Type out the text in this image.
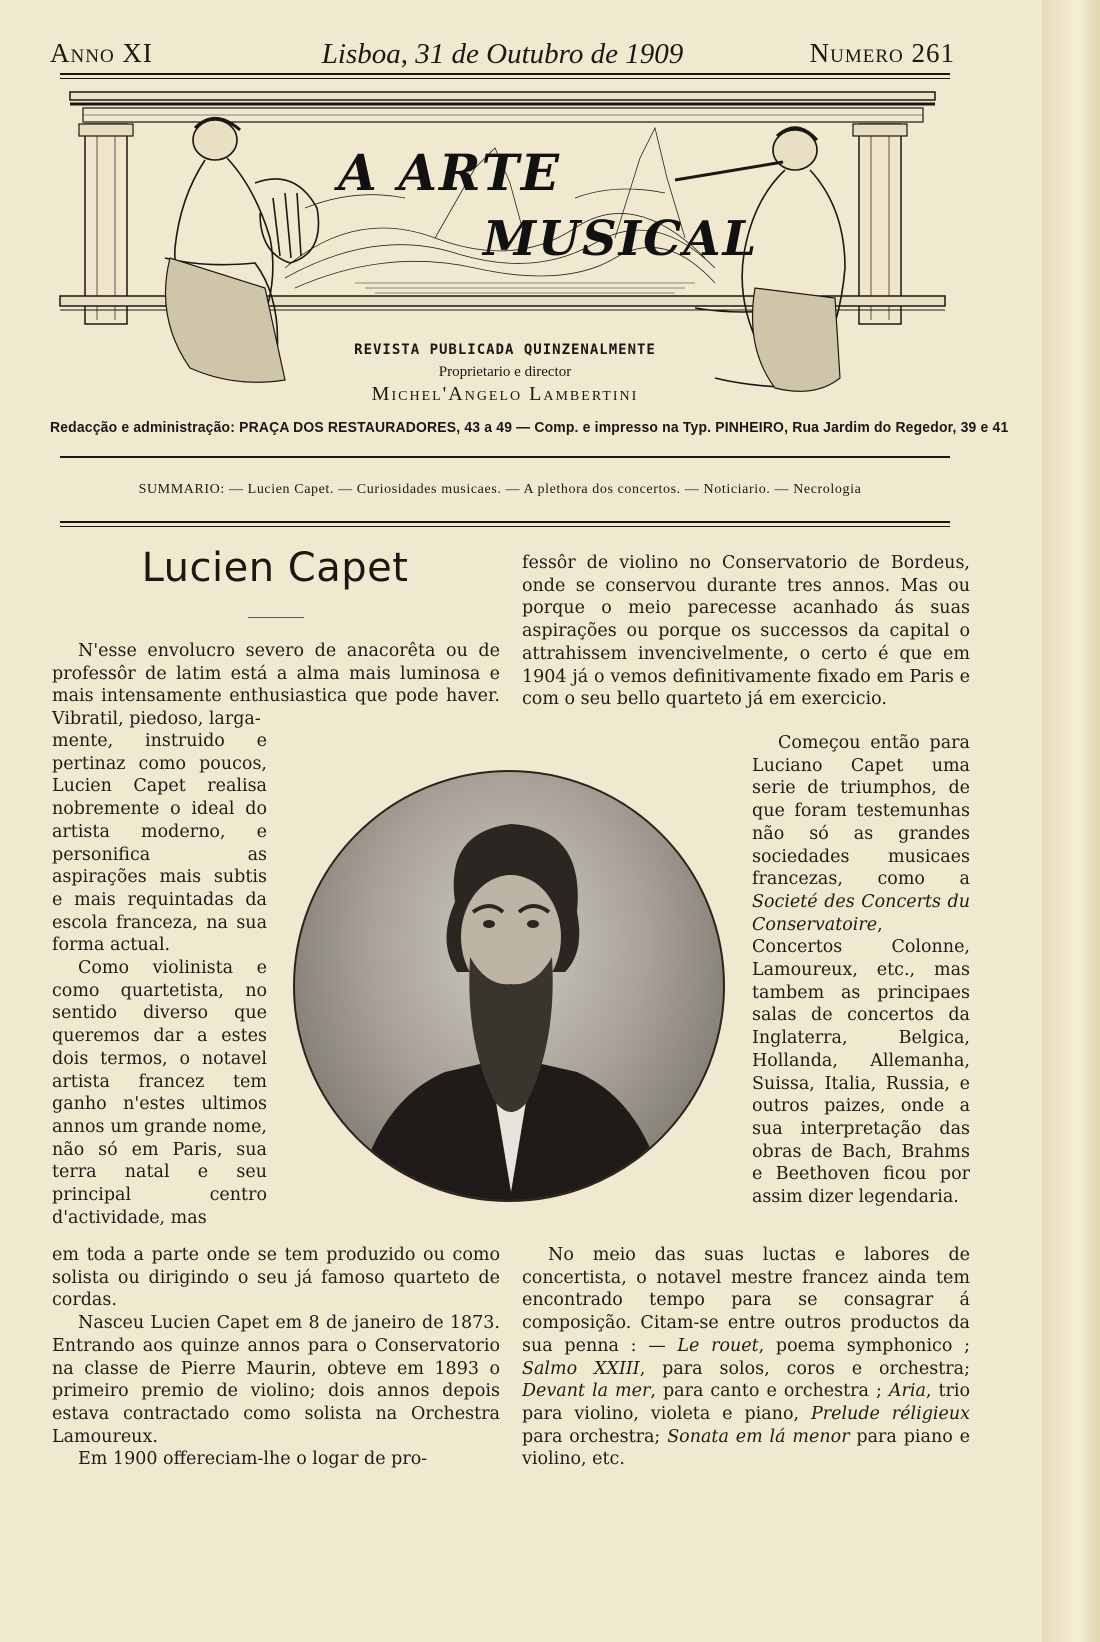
Anno XI	Lisboa, 31 de Outubro de 1909	Numero 261
A ARTE
MUSICAL
REVISTA PUBLICADA QUINZENALMENTE
Proprietario e director
Michel'Angelo Lambertini
Redacção e administração: PRAÇA DOS RESTAURADORES, 43 a 49 — Comp. e impresso na Typ. PINHEIRO, Rua Jardim do Regedor, 39 e 41
SUMMARIO: — Lucien Capet. — Curiosidades musicaes. — A plethora dos concertos. — Noticiario. — Necrologia
Lucien Capet

N'esse envolucro severo de anacorêta ou de professôr de latim está a alma mais luminosa e mais intensamente enthusiastica que pode haver. Vibratil, piedoso, larga-

mente, instruido e pertinaz como poucos, Lucien Capet realisa nobremente o ideal do artista moderno, e personifica as aspirações mais subtis e mais requintadas da escola franceza, na sua forma actual.

Como violinista e como quartetista, no sentido diverso que queremos dar a estes dois termos, o notavel artista francez tem ganho n'estes ultimos annos um grande nome, não só em Paris, sua terra natal e seu principal centro d'actividade, mas

em toda a parte onde se tem produzido ou como solista ou dirigindo o seu já famoso quarteto de cordas.

Nasceu Lucien Capet em 8 de janeiro de 1873. Entrando aos quinze annos para o Conservatorio na classe de Pierre Maurin, obteve em 1893 o primeiro premio de violino; dois annos depois estava contractado como solista na Orchestra Lamoureux.

Em 1900 offereciam-lhe o logar de pro-

fessôr de violino no Conservatorio de Bordeus, onde se conservou durante tres annos. Mas ou porque o meio parecesse acanhado ás suas aspirações ou porque os successos da capital o attrahissem invencivelmente, o certo é que em 1904 já o vemos definitivamente fixado em Paris e com o seu bello quarteto já em exercicio.

Começou então para Luciano Capet uma serie de triumphos, de que foram testemunhas não só as grandes sociedades musicaes francezas, como a Societé des Concerts du Conservatoire, Concertos Colonne, Lamoureux, etc., mas tambem as principaes salas de concertos da Inglaterra, Belgica, Hollanda, Allemanha, Suissa, Italia, Russia, e outros paizes, onde a sua interpretação das obras de Bach, Brahms e Beethoven ficou por assim dizer legendaria.

No meio das suas luctas e labores de concertista, o notavel mestre francez ainda tem encontrado tempo para se consagrar á composição. Citam-se entre outros productos da sua penna : — Le rouet, poema symphonico ; Salmo XXIII, para solos, coros e orchestra; Devant la mer, para canto e orchestra ; Aria, trio para violino, violeta e piano, Prelude réligieux para orchestra; Sonata em lá menor para piano e violino, etc.
